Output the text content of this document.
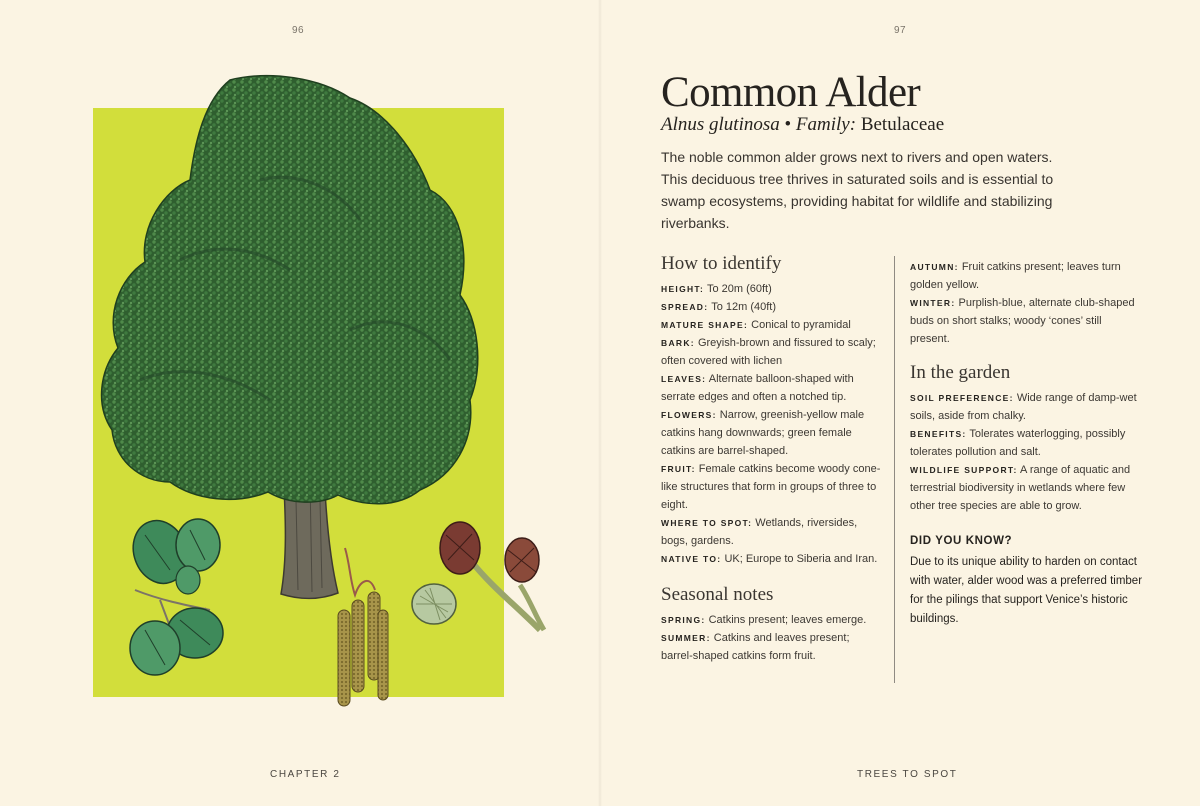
96
CHAPTER 2
97
Common Alder
Alnus glutinosa • Family: Betulaceae
The noble common alder grows next to rivers and open waters. This deciduous tree thrives in saturated soils and is essential to swamp ecosystems, providing habitat for wildlife and stabilizing riverbanks.
How to identify

HEIGHT: To 20m (60ft)

SPREAD: To 12m (40ft)

MATURE SHAPE: Conical to pyramidal

BARK: Greyish-brown and fissured to scaly; often covered with lichen

LEAVES: Alternate balloon-shaped with serrate edges and often a notched tip.

FLOWERS: Narrow, greenish-yellow male catkins hang downwards; green female catkins are barrel-shaped.

FRUIT: Female catkins become woody cone-like structures that form in groups of three to eight.

WHERE TO SPOT: Wetlands, riversides, bogs, gardens.

NATIVE TO: UK; Europe to Siberia and Iran.

Seasonal notes

SPRING: Catkins present; leaves emerge.

SUMMER: Catkins and leaves present; barrel-shaped catkins form fruit.

AUTUMN: Fruit catkins present; leaves turn golden yellow.

WINTER: Purplish-blue, alternate club-shaped buds on short stalks; woody ‘cones’ still present.

In the garden

SOIL PREFERENCE: Wide range of damp-wet soils, aside from chalky.

BENEFITS: Tolerates waterlogging, possibly tolerates pollution and salt.

WILDLIFE SUPPORT: A range of aquatic and terrestrial biodiversity in wetlands where few other tree species are able to grow.

DID YOU KNOW?
Due to its unique ability to harden on contact with water, alder wood was a preferred timber for the pilings that support Venice’s historic buildings.
TREES TO SPOT
